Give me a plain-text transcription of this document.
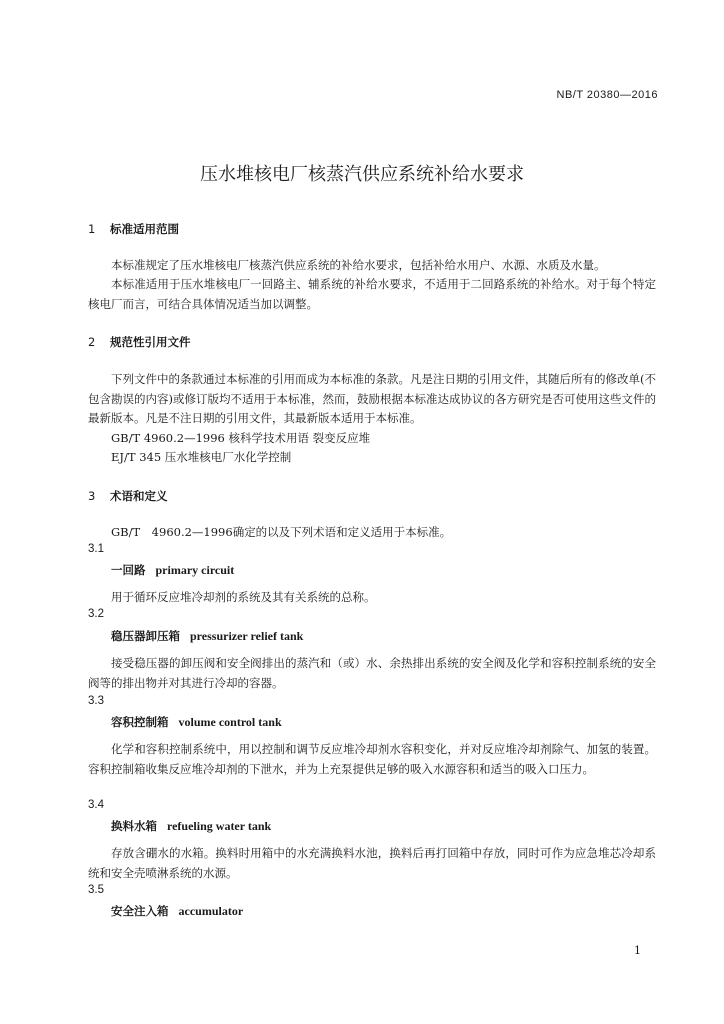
NB/T 20380—2016
压水堆核电厂核蒸汽供应系统补给水要求
1 标准适用范围
本标准规定了压水堆核电厂核蒸汽供应系统的补给水要求，包括补给水用户、水源、水质及水量。
本标准适用于压水堆核电厂一回路主、辅系统的补给水要求，不适用于二回路系统的补给水。对于每个特定核电厂而言，可结合具体情况适当加以调整。
2 规范性引用文件
下列文件中的条款通过本标准的引用而成为本标准的条款。凡是注日期的引用文件，其随后所有的修改单(不包含勘误的内容)或修订版均不适用于本标准，然而，鼓励根据本标准达成协议的各方研究是否可使用这些文件的最新版本。凡是不注日期的引用文件，其最新版本适用于本标准。
GB/T 4960.2—1996 核科学技术用语 裂变反应堆
EJ/T 345 压水堆核电厂水化学控制
3 术语和定义
GB/T　4960.2—1996确定的以及下列术语和定义适用于本标准。
3.1
一回路 primary circuit
用于循环反应堆冷却剂的系统及其有关系统的总称。
3.2
稳压器卸压箱 pressurizer relief tank
接受稳压器的卸压阀和安全阀排出的蒸汽和（或）水、余热排出系统的安全阀及化学和容积控制系统的安全阀等的排出物并对其进行冷却的容器。
3.3
容积控制箱 volume control tank
化学和容积控制系统中，用以控制和调节反应堆冷却剂水容积变化，并对反应堆冷却剂除气、加氢的装置。容积控制箱收集反应堆冷却剂的下泄水，并为上充泵提供足够的吸入水源容积和适当的吸入口压力。
3.4
换料水箱 refueling water tank
存放含硼水的水箱。换料时用箱中的水充满换料水池，换料后再打回箱中存放，同时可作为应急堆芯冷却系统和安全壳喷淋系统的水源。
3.5
安全注入箱 accumulator
1
